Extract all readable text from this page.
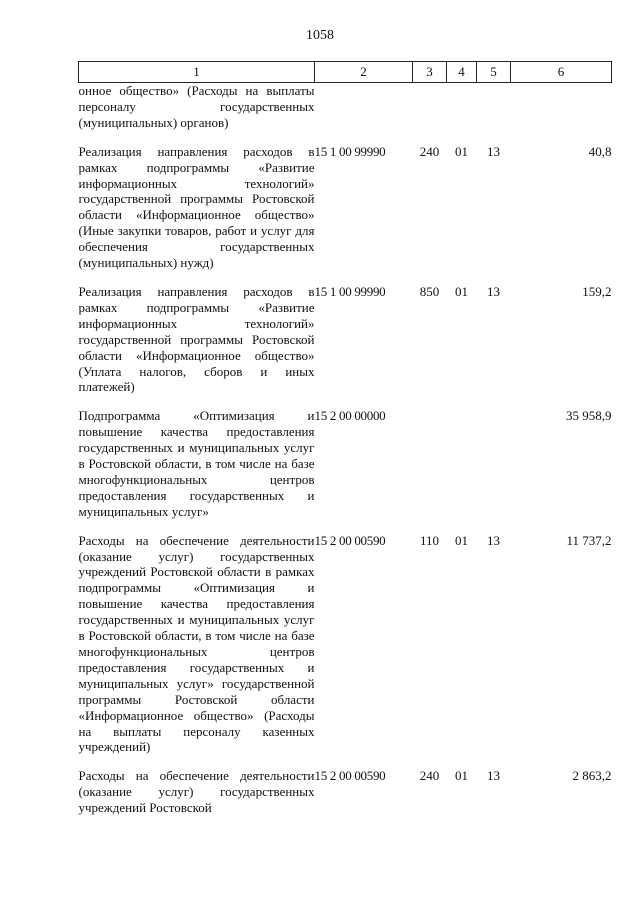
1058
1	2	3	4	5	6
онное общество» (Расходы на выплаты персоналу государственных (муниципальных) органов)					
Реализация направления расходов в рамках подпрограммы «Развитие информационных технологий» государственной программы Ростовской области «Информационное общество» (Иные закупки товаров, работ и услуг для обеспечения государственных (муниципальных) нужд)	15 1 00 99990	240	01	13	40,8
Реализация направления расходов в рамках подпрограммы «Развитие информационных технологий» государственной программы Ростовской области «Информационное общество» (Уплата налогов, сборов и иных платежей)	15 1 00 99990	850	01	13	159,2
Подпрограмма «Оптимизация и повышение качества предоставления государственных и муниципальных услуг в Ростовской области, в том числе на базе многофункциональных центров предоставления государственных и муниципальных услуг»	15 2 00 00000				35 958,9
Расходы на обеспечение деятельности (оказание услуг) государственных учреждений Ростовской области в рамках подпрограммы «Оптимизация и повышение качества предоставления государственных и муниципальных услуг в Ростовской области, в том числе на базе многофункциональных центров предоставления государственных и муниципальных услуг» государственной программы Ростовской области «Информационное общество» (Расходы на выплаты персоналу казенных учреждений)	15 2 00 00590	110	01	13	11 737,2
Расходы на обеспечение деятельности (оказание услуг) государственных учреждений Ростовской	15 2 00 00590	240	01	13	2 863,2
